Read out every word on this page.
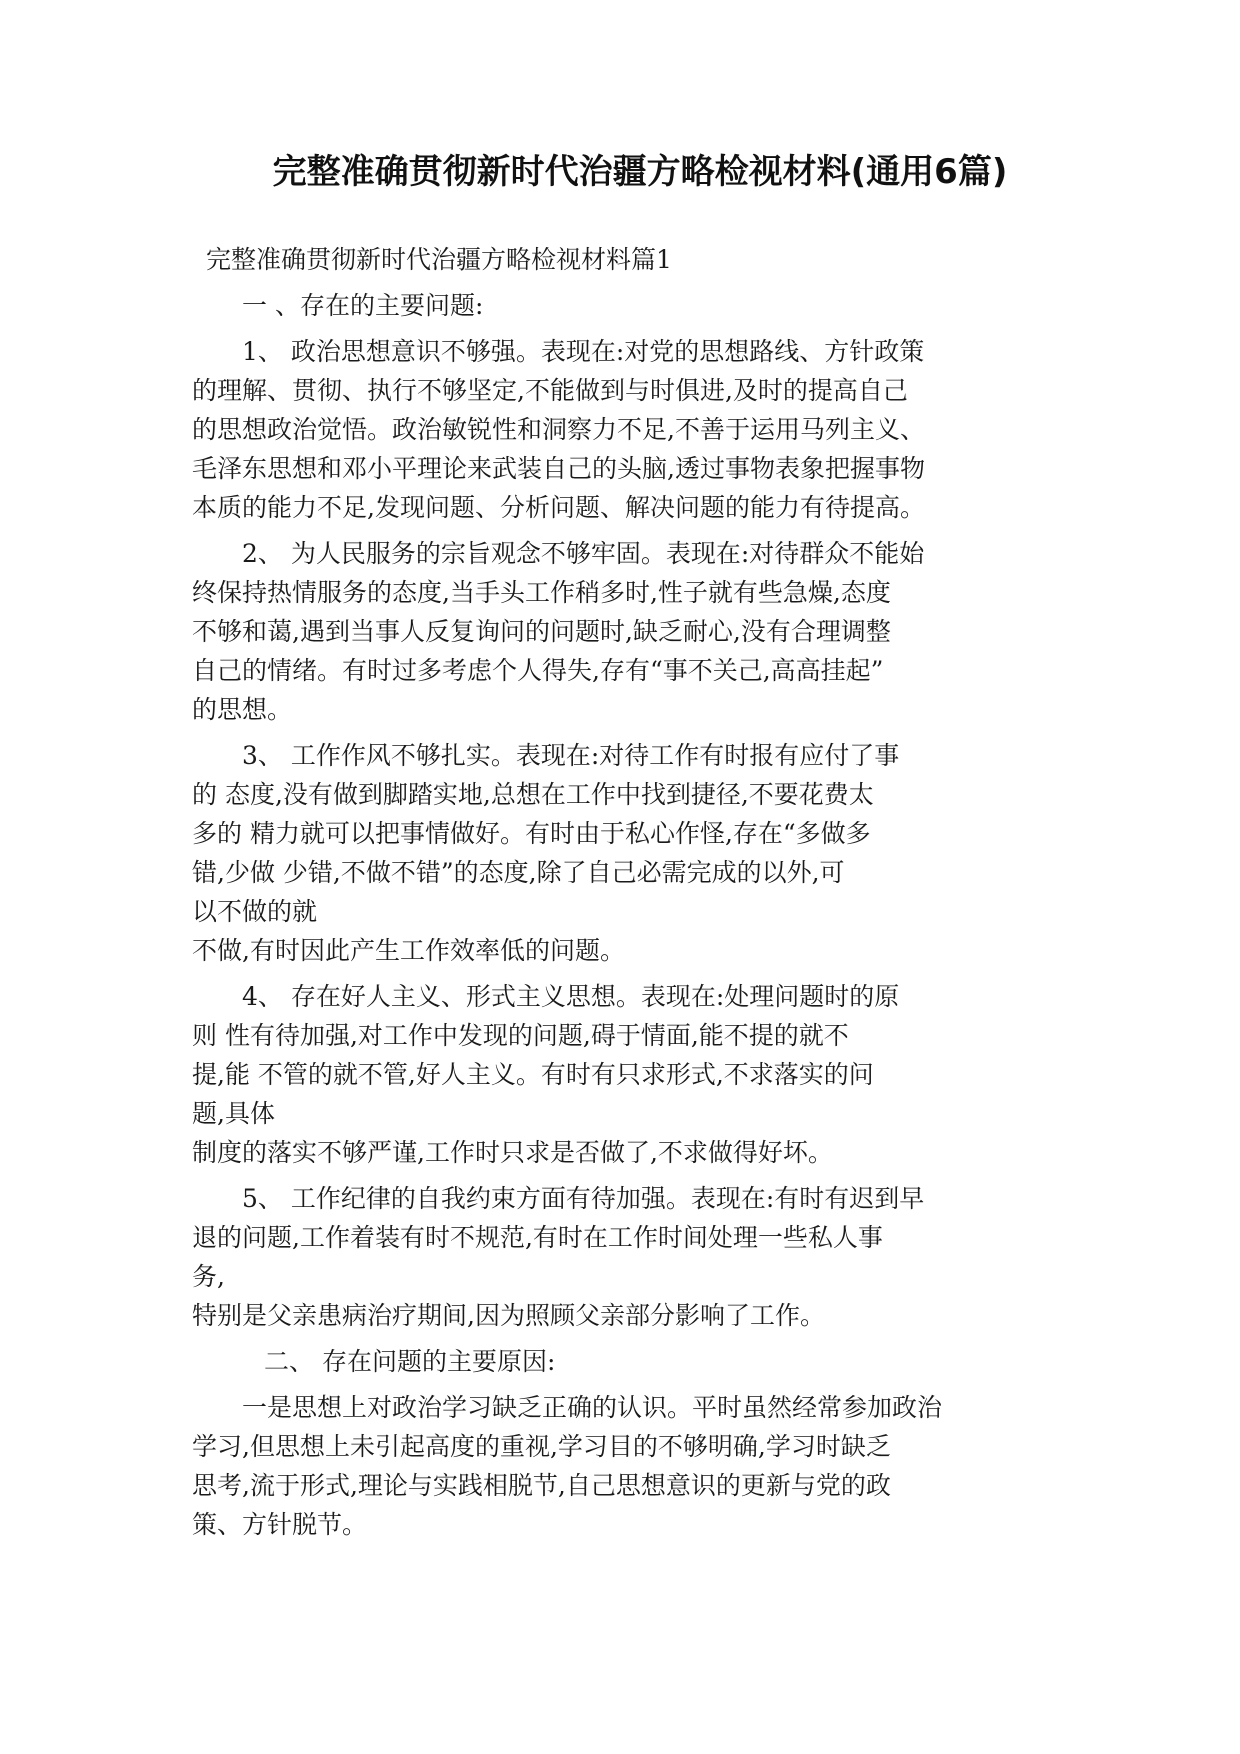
完整准确贯彻新时代治疆方略检视材料(通用6篇)
完整准确贯彻新时代治疆方略检视材料篇1
一 、存在的主要问题:
1、 政治思想意识不够强。表现在:对党的思想路线、方针政策
的理解、贯彻、执行不够坚定,不能做到与时俱进,及时的提高自己
的思想政治觉悟。政治敏锐性和洞察力不足,不善于运用马列主义、
毛泽东思想和邓小平理论来武装自己的头脑,透过事物表象把握事物
本质的能力不足,发现问题、分析问题、解决问题的能力有待提高。
2、 为人民服务的宗旨观念不够牢固。表现在:对待群众不能始
终保持热情服务的态度,当手头工作稍多时,性子就有些急燥,态度
不够和蔼,遇到当事人反复询问的问题时,缺乏耐心,没有合理调整
自己的情绪。有时过多考虑个人得失,存有“事不关己,高高挂起”
的思想。
3、 工作作风不够扎实。表现在:对待工作有时报有应付了事
的 态度,没有做到脚踏实地,总想在工作中找到捷径,不要花费太
多的 精力就可以把事情做好。有时由于私心作怪,存在“多做多
错,少做 少错,不做不错”的态度,除了自己必需完成的以外,可
以不做的就
不做,有时因此产生工作效率低的问题。
4、 存在好人主义、形式主义思想。表现在:处理问题时的原
则 性有待加强,对工作中发现的问题,碍于情面,能不提的就不
提,能 不管的就不管,好人主义。有时有只求形式,不求落实的问
题,具体
制度的落实不够严谨,工作时只求是否做了,不求做得好坏。
5、 工作纪律的自我约束方面有待加强。表现在:有时有迟到早
退的问题,工作着装有时不规范,有时在工作时间处理一些私人事
务,
特别是父亲患病治疗期间,因为照顾父亲部分影响了工作。
二、 存在问题的主要原因:
一是思想上对政治学习缺乏正确的认识。平时虽然经常参加政治
学习,但思想上未引起高度的重视,学习目的不够明确,学习时缺乏
思考,流于形式,理论与实践相脱节,自己思想意识的更新与党的政
策、方针脱节。
